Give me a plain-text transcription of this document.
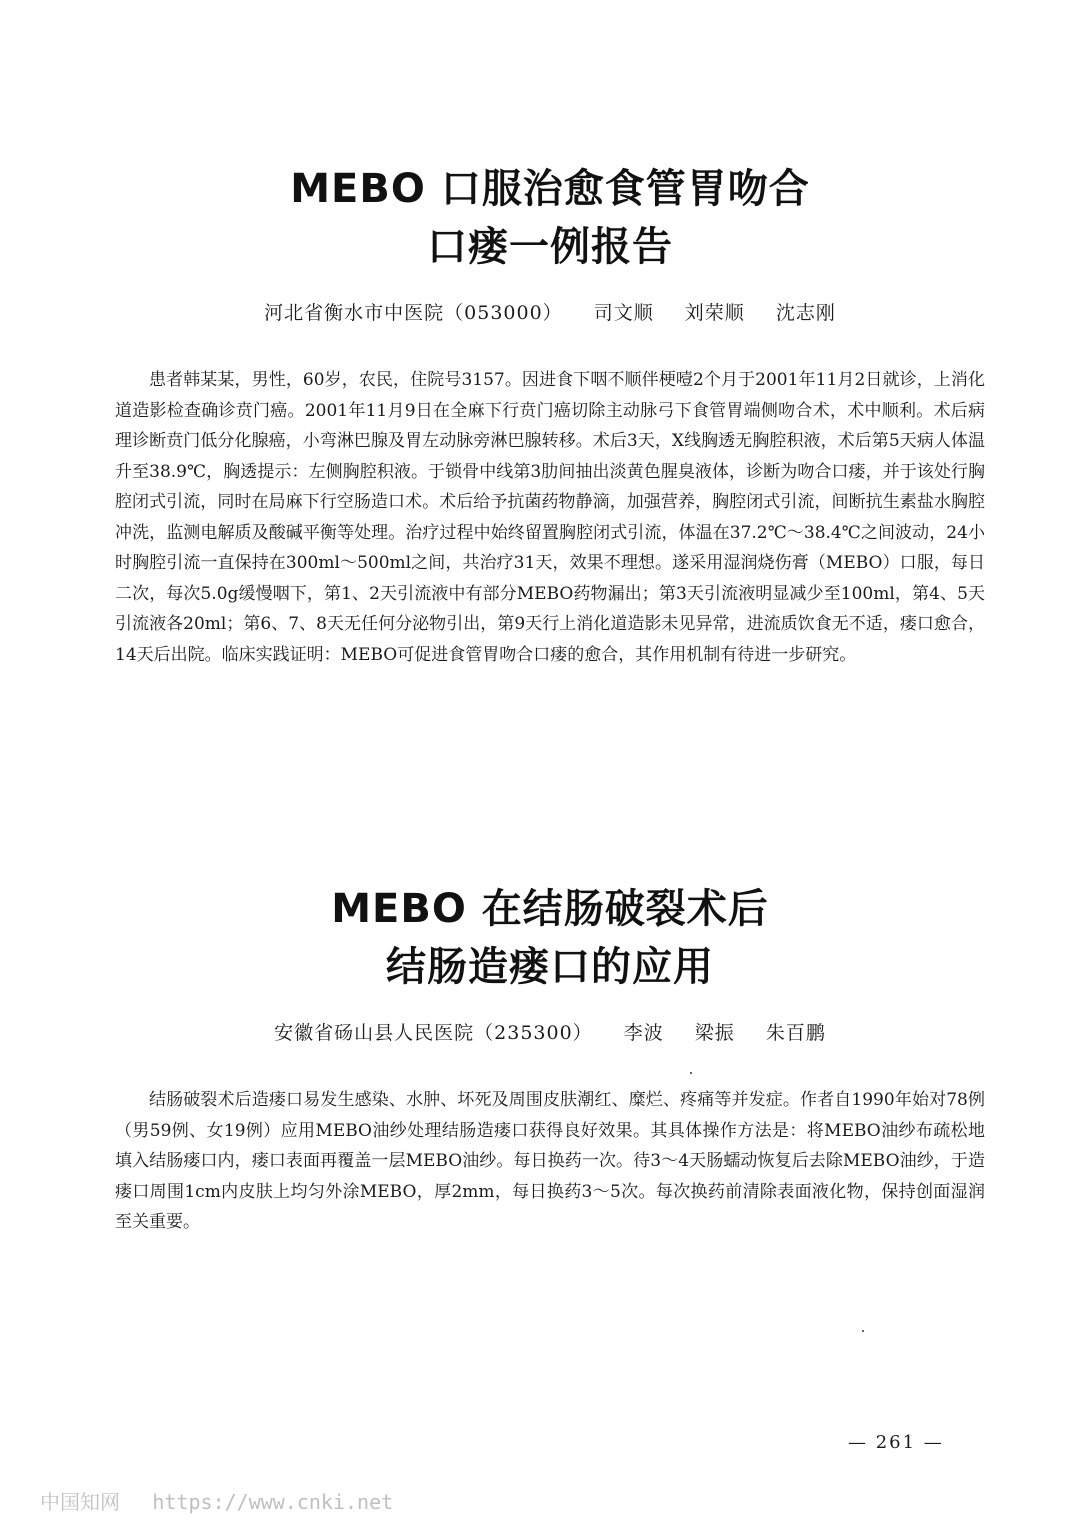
MEBO 口服治愈食管胃吻合
口瘘一例报告
河北省衡水市中医院（053000） 司文顺 刘荣顺 沈志刚

患者韩某某，男性，60岁，农民，住院号3157。因进食下咽不顺伴梗噎2个月于2001年11月2日就诊，上消化道造影检查确诊贲门癌。2001年11月9日在全麻下行贲门癌切除主动脉弓下食管胃端侧吻合术，术中顺利。术后病理诊断贲门低分化腺癌，小弯淋巴腺及胃左动脉旁淋巴腺转移。术后3天，X线胸透无胸腔积液，术后第5天病人体温升至38.9℃，胸透提示：左侧胸腔积液。于锁骨中线第3肋间抽出淡黄色腥臭液体，诊断为吻合口瘘，并于该处行胸腔闭式引流，同时在局麻下行空肠造口术。术后给予抗菌药物静滴，加强营养，胸腔闭式引流，间断抗生素盐水胸腔冲洗，监测电解质及酸碱平衡等处理。治疗过程中始终留置胸腔闭式引流，体温在37.2℃～38.4℃之间波动，24小时胸腔引流一直保持在300ml～500ml之间，共治疗31天，效果不理想。遂采用湿润烧伤膏（MEBO）口服，每日二次，每次5.0g缓慢咽下，第1、2天引流液中有部分MEBO药物漏出；第3天引流液明显减少至100ml，第4、5天引流液各20ml；第6、7、8天无任何分泌物引出，第9天行上消化道造影未见异常，进流质饮食无不适，瘘口愈合，14天后出院。临床实践证明：MEBO可促进食管胃吻合口瘘的愈合，其作用机制有待进一步研究。

MEBO 在结肠破裂术后
结肠造瘘口的应用
安徽省砀山县人民医院（235300） 李波 梁振 朱百鹏

结肠破裂术后造瘘口易发生感染、水肿、坏死及周围皮肤潮红、糜烂、疼痛等并发症。作者自1990年始对78例（男59例、女19例）应用MEBO油纱处理结肠造瘘口获得良好效果。其具体操作方法是：将MEBO油纱布疏松地填入结肠瘘口内，瘘口表面再覆盖一层MEBO油纱。每日换药一次。待3～4天肠蠕动恢复后去除MEBO油纱，于造瘘口周围1cm内皮肤上均匀外涂MEBO，厚2mm，每日换药3～5次。每次换药前清除表面液化物，保持创面湿润至关重要。

— 261 —
中国知网 https://www.cnki.net
